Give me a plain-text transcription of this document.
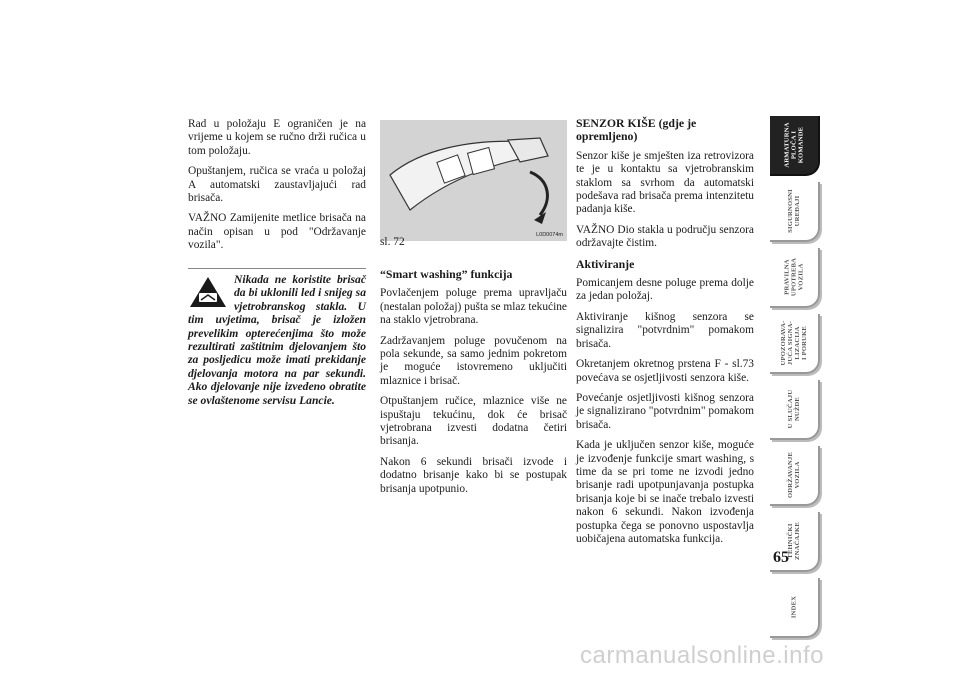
Rad u položaju E ograničen je na vrijeme u kojem se ručno drži ručica u tom položaju.

Opuštanjem, ručica se vraća u položaj A automatski zaustavljajući rad brisača.

VAŽNO Zamijenite metlice brisača na način opisan u pod "Održavanje vozila".

Nikada ne koristite brisač da bi uklonili led i snijeg sa vjetrobranskog stakla. U tim uvjetima, brisač je izložen prevelikim opterećenjima što može rezultirati zaštitnim djelovanjem što za posljedicu može imati prekidanje djelovanja motora na par sekundi. Ako djelovanje nije izvedeno obratite se ovlaštenome servisu Lancie.
L0D0074m
sl. 72
“Smart washing” funkcija

Povlačenjem poluge prema upravljaču (nestalan položaj) pušta se mlaz tekućine na staklo vjetrobrana.

Zadržavanjem poluge povučenom na pola sekunde, sa samo jednim pokretom je moguće istovremeno uključiti mlaznice i brisač.

Otpuštanjem ručice, mlaznice više ne ispuštaju tekućinu, dok će brisač vjetrobrana izvesti dodatna četiri brisanja.

Nakon 6 sekundi brisači izvode i dodatno brisanje kako bi se postupak brisanja upotpunio.

SENZOR KIŠE (gdje je opremljeno)

Senzor kiše je smješten iza retrovizora te je u kontaktu sa vjetrobranskim staklom sa svrhom da automatski podešava rad brisača prema intenzitetu padanja kiše.

VAŽNO Dio stakla u području senzora održavajte čistim.

Aktiviranje

Pomicanjem desne poluge prema dolje za jedan položaj.

Aktiviranje kišnog senzora se signalizira "potvrdnim" pomakom brisača.

Okretanjem okretnog prstena F - sl.73 povećava se osjetljivosti senzora kiše.

Povećanje osjetljivosti kišnog senzora je signalizirano "potvrdnim" pomakom brisača.

Kada je uključen senzor kiše, moguće je izvođenje funkcije smart washing, s time da se pri tome ne izvodi jedno brisanje radi upotpunjavanja postupka brisanja koje bi se inače trebalo izvesti nakon 6 sekundi. Nakon izvođenja postupka čega se ponovno uspostavlja uobičajena automatska funkcija.

ARMATURNA
PLOČA I
KOMANDE
SIGURNOSNI
UREĐAJI
PRAVILNA
UPOTREBA
VOZILA
UPOZORAVA-
JUĆA SIGNA-
LIZACIJA
I PORUKE
U SLUČAJU
NUŽDE
ODRŽAVANJE
VOZILA
TEHNIČKI
ZNAČAJKE
INDEX
65
carmanualsonline.info
